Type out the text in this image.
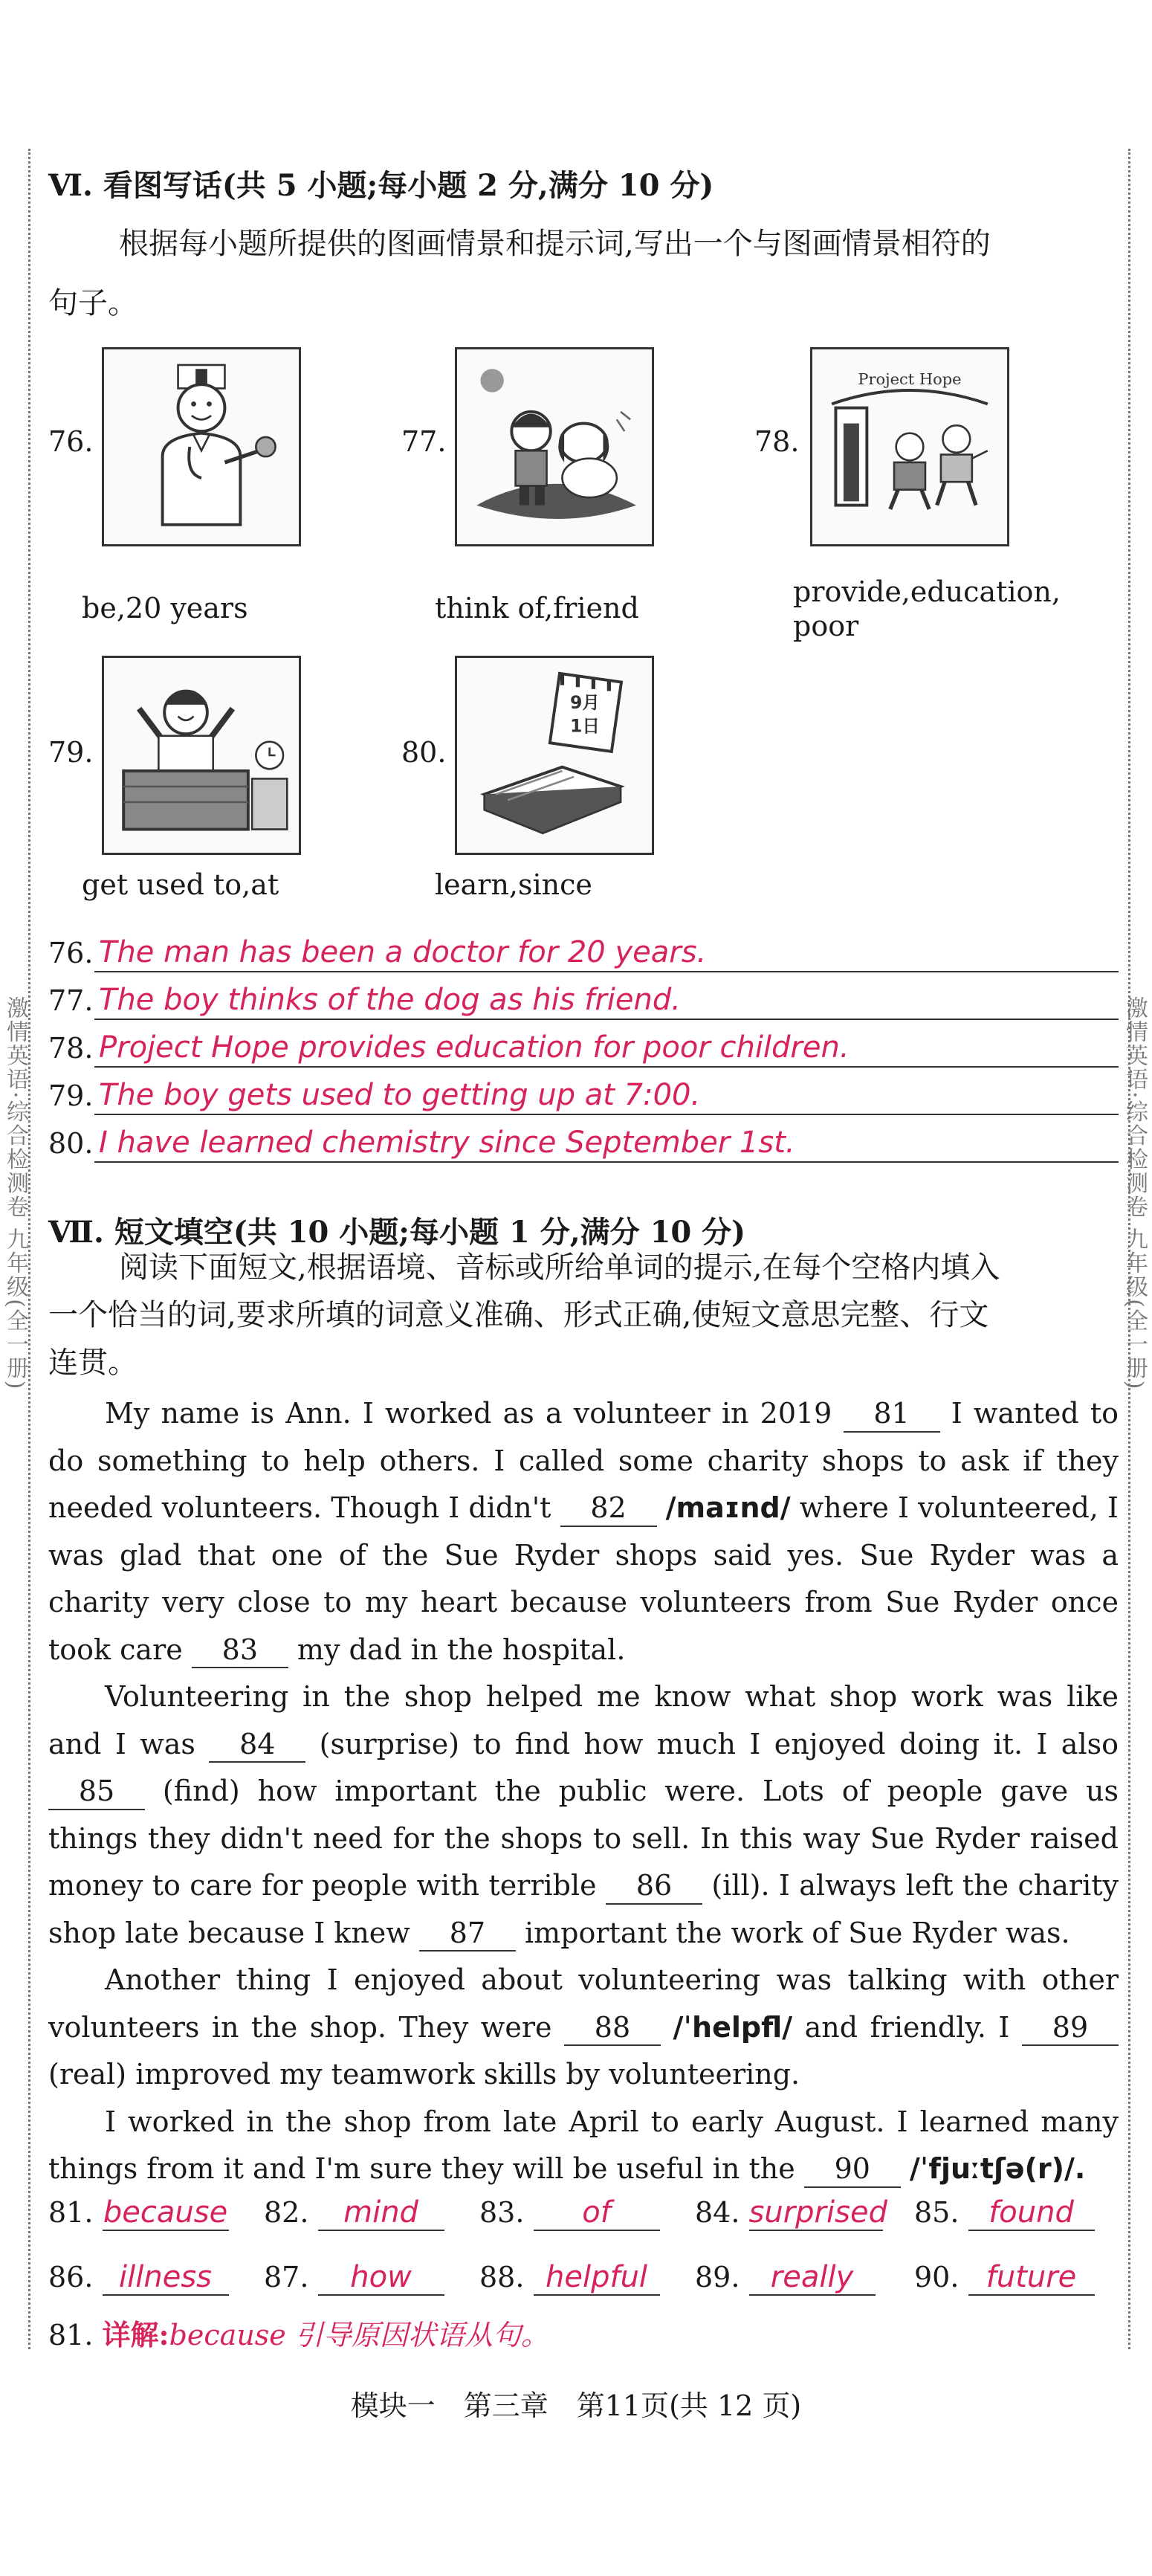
激情英语·综合检测卷 九年级(全一册)	激情英语·综合检测卷 九年级(全一册)
Ⅵ. 看图写话(共 5 小题;每小题 2 分,满分 10 分)
根据每小题所提供的图画情景和提示词,写出一个与图画情景相符的
句子。
76.
be,20 years
77.
think of,friend
78.
Project Hope
provide,education,
poor
79.
get used to,at
80.
9月
1日
learn,since
76. The man has been a doctor for 20 years.
77. The boy thinks of the dog as his friend.
78. Project Hope provides education for poor children.
79. The boy gets used to getting up at 7:00.
80. I have learned chemistry since September 1st.
Ⅶ. 短文填空(共 10 小题;每小题 1 分,满分 10 分)
阅读下面短文,根据语境、音标或所给单词的提示,在每个空格内填入
一个恰当的词,要求所填的词意义准确、形式正确,使短文意思完整、行文
连贯。

My name is Ann. I worked as a volunteer in 2019 81 I wanted to do something to help others. I called some charity shops to ask if they needed volunteers. Though I didn't 82 /maɪnd/ where I volunteered, I was glad that one of the Sue Ryder shops said yes. Sue Ryder was a charity very close to my heart because volunteers from Sue Ryder once took care 83 my dad in the hospital.

Volunteering in the shop helped me know what shop work was like and I was 84 (surprise) to find how much I enjoyed doing it. I also 85 (find) how important the public were. Lots of people gave us things they didn't need for the shops to sell. In this way Sue Ryder raised money to care for people with terrible 86 (ill). I always left the charity shop late because I knew 87 important the work of Sue Ryder was.

Another thing I enjoyed about volunteering was talking with other volunteers in the shop. They were 88 /ˈhelpfl/ and friendly. I 89 (real) improved my teamwork skills by volunteering.

I worked in the shop from late April to early August. I learned many things from it and I'm sure they will be useful in the 90 /ˈfjuːtʃə(r)/.

81. because 82. mind	83. of	84. surprised 85. found
86. illness	87. how	88. helpful	89. really	90. future
81. 详解:because 引导原因状语从句。
模块一　第三章　第11页(共 12 页)
